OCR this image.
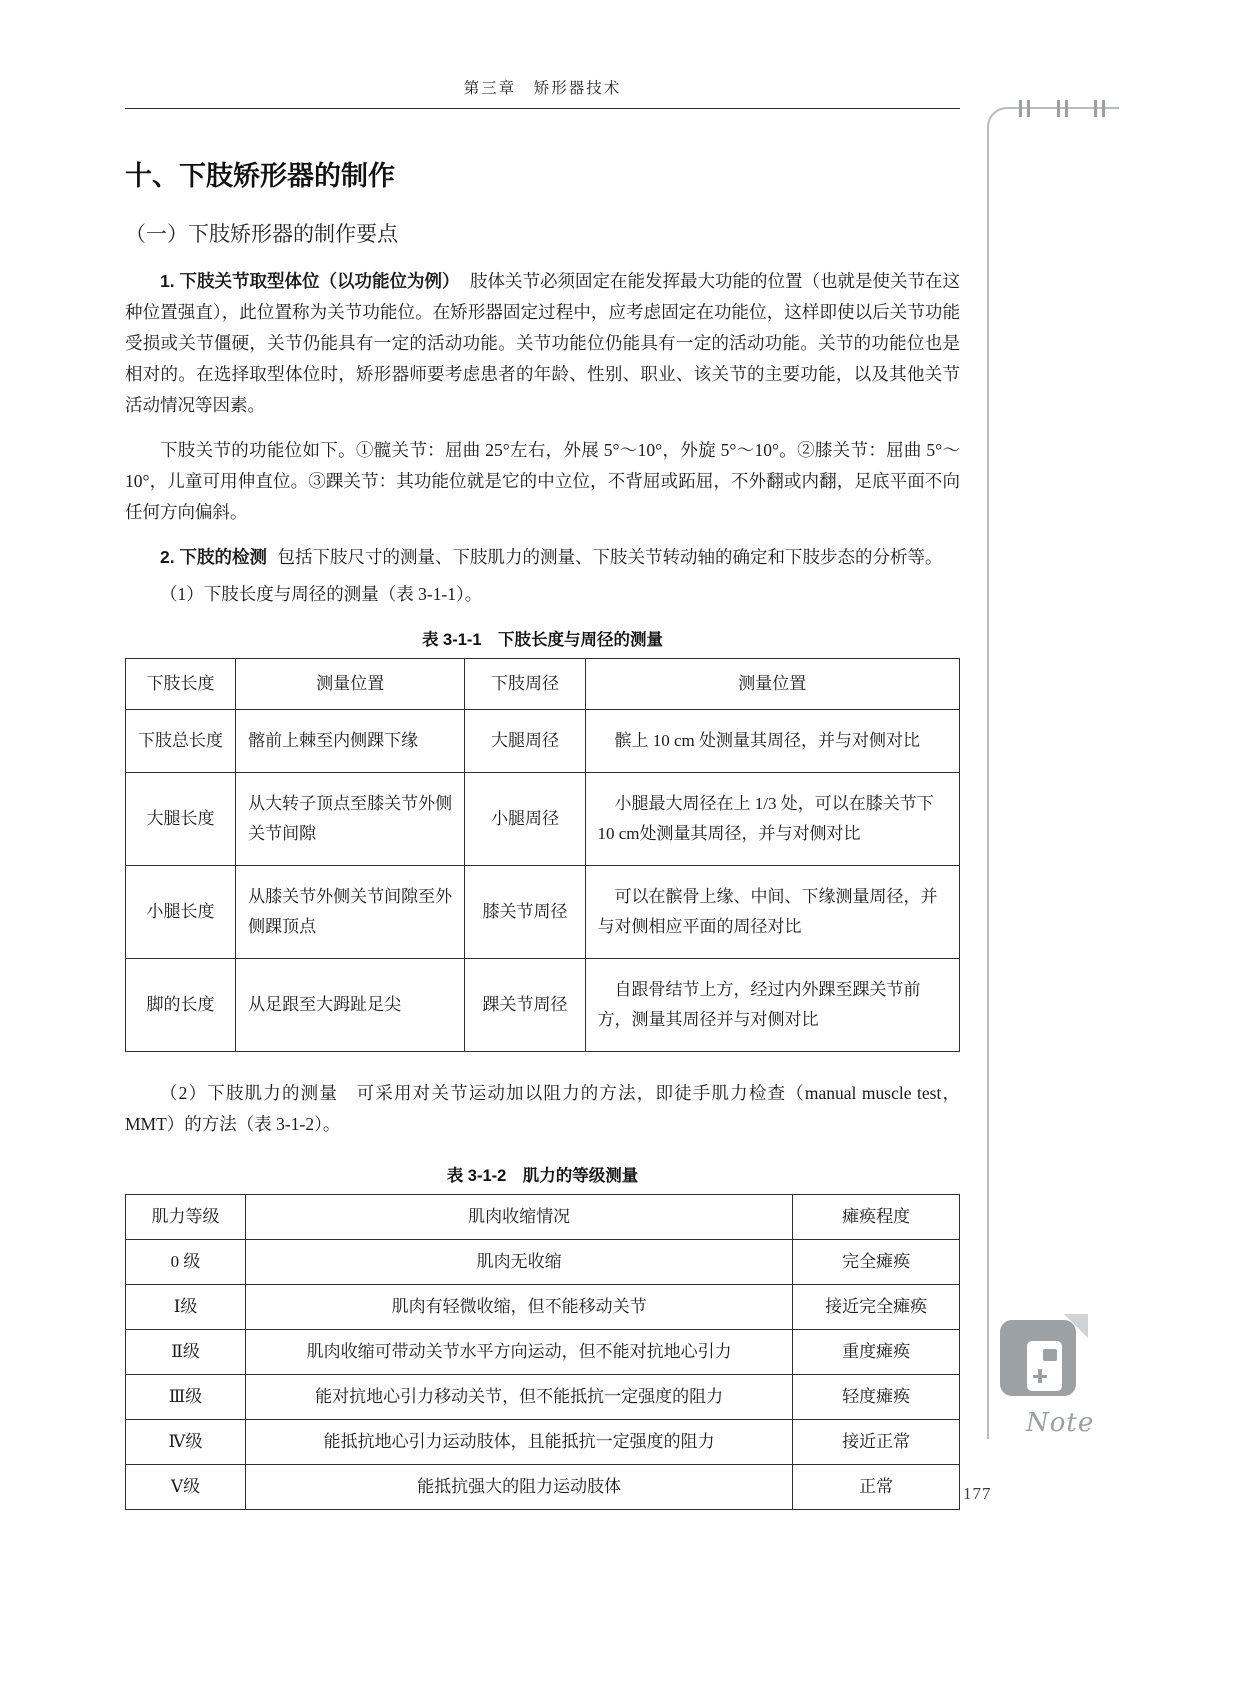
第三章　矫形器技术
十、下肢矫形器的制作
（一）下肢矫形器的制作要点

1. 下肢关节取型体位（以功能位为例） 肢体关节必须固定在能发挥最大功能的位置（也就是使关节在这种位置强直），此位置称为关节功能位。在矫形器固定过程中，应考虑固定在功能位，这样即使以后关节功能受损或关节僵硬，关节仍能具有一定的活动功能。关节功能位仍能具有一定的活动功能。关节的功能位也是相对的。在选择取型体位时，矫形器师要考虑患者的年龄、性别、职业、该关节的主要功能，以及其他关节活动情况等因素。

下肢关节的功能位如下。①髋关节：屈曲 25°左右，外展 5°～10°，外旋 5°～10°。②膝关节：屈曲 5°～10°，儿童可用伸直位。③踝关节：其功能位就是它的中立位，不背屈或跖屈，不外翻或内翻，足底平面不向任何方向偏斜。

2. 下肢的检测 包括下肢尺寸的测量、下肢肌力的测量、下肢关节转动轴的确定和下肢步态的分析等。

（1）下肢长度与周径的测量（表 3-1-1）。

表 3-1-1　下肢长度与周径的测量
下肢长度	测量位置	下肢周径	测量位置
下肢总长度	髂前上棘至内侧踝下缘	大腿周径	髌上 10 cm 处测量其周径，并与对侧对比
大腿长度	从大转子顶点至膝关节外侧关节间隙	小腿周径	小腿最大周径在上 1/3 处，可以在膝关节下 10 cm处测量其周径，并与对侧对比
小腿长度	从膝关节外侧关节间隙至外侧踝顶点	膝关节周径	可以在髌骨上缘、中间、下缘测量周径，并与对侧相应平面的周径对比
脚的长度	从足跟至大𧿹趾足尖	踝关节周径	自跟骨结节上方，经过内外踝至踝关节前方，测量其周径并与对侧对比

（2）下肢肌力的测量　可采用对关节运动加以阻力的方法，即徒手肌力检查（manual muscle test，MMT）的方法（表 3-1-2）。

表 3-1-2　肌力的等级测量
肌力等级	肌肉收缩情况	瘫痪程度
0 级	肌肉无收缩	完全瘫痪
Ⅰ级	肌肉有轻微收缩，但不能移动关节	接近完全瘫痪
Ⅱ级	肌肉收缩可带动关节水平方向运动，但不能对抗地心引力	重度瘫痪
Ⅲ级	能对抗地心引力移动关节，但不能抵抗一定强度的阻力	轻度瘫痪
Ⅳ级	能抵抗地心引力运动肢体，且能抵抗一定强度的阻力	接近正常
Ⅴ级	能抵抗强大的阻力运动肢体	正常
Note
177
